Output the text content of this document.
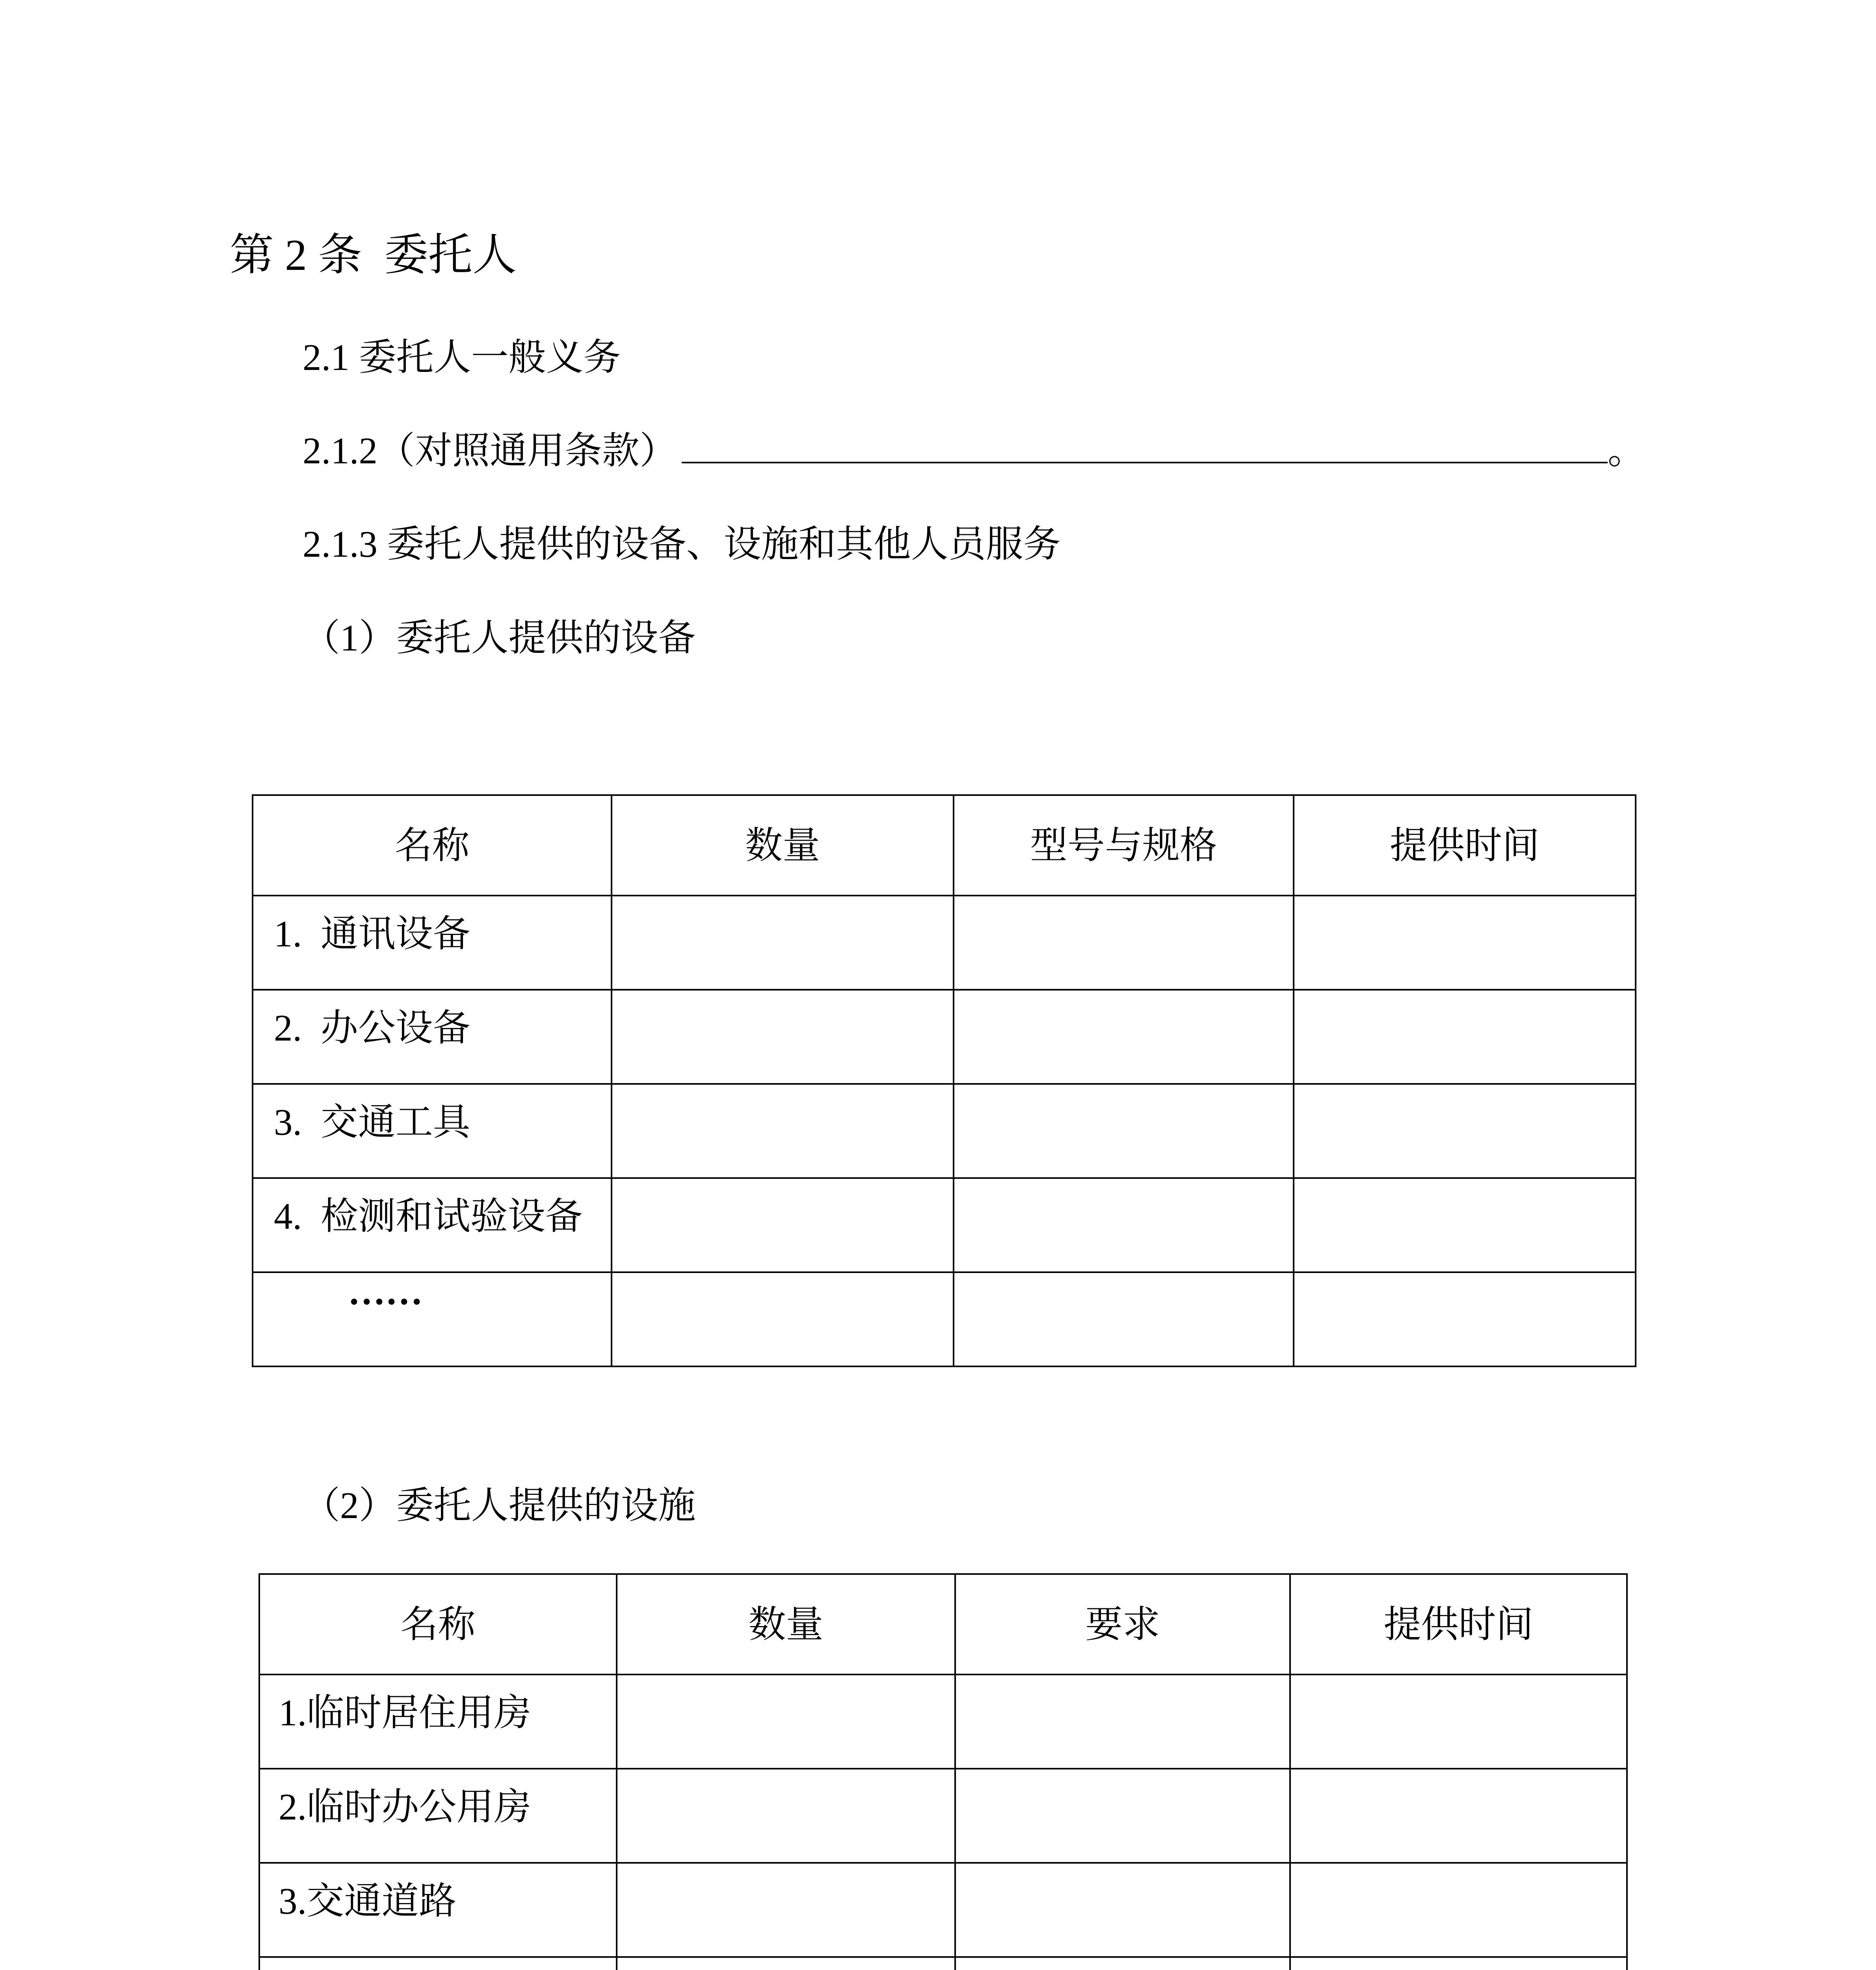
第 2 条  委托人
2.1 委托人一般义务
2.1.2（对照通用条款）	。
2.1.3 委托人提供的设备、设施和其他人员服务
（1）委托人提供的设备
名称	数量	型号与规格	提供时间
1.  通讯设备			
2.  办公设备			
3.  交通工具			
4.  检测和试验设备			
……			
（2）委托人提供的设施
名称	数量	要求	提供时间
1.临时居住用房			
2.临时办公用房			
3.交通道路			
